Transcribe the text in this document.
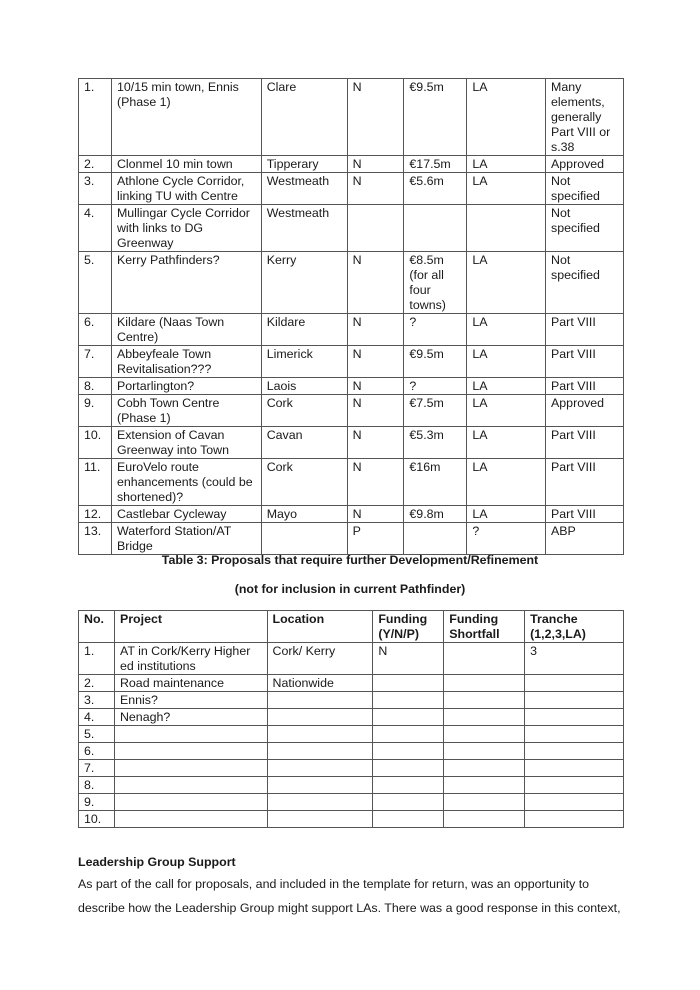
1.	10/15 min town, Ennis (Phase 1)	Clare	N	€9.5m	LA	Many elements, generally Part VIII or s.38
2.	Clonmel 10 min town	Tipperary	N	€17.5m	LA	Approved
3.	Athlone Cycle Corridor, linking TU with Centre	Westmeath	N	€5.6m	LA	Not specified
4.	Mullingar Cycle Corridor with links to DG Greenway	Westmeath				Not specified
5.	Kerry Pathfinders?	Kerry	N	€8.5m (for all four towns)	LA	Not specified
6.	Kildare (Naas Town Centre)	Kildare	N	?	LA	Part VIII
7.	Abbeyfeale Town Revitalisation???	Limerick	N	€9.5m	LA	Part VIII
8.	Portarlington?	Laois	N	?	LA	Part VIII
9.	Cobh Town Centre (Phase 1)	Cork	N	€7.5m	LA	Approved
10.	Extension of Cavan Greenway into Town	Cavan	N	€5.3m	LA	Part VIII
11.	EuroVelo route enhancements (could be shortened)?	Cork	N	€16m	LA	Part VIII
12.	Castlebar Cycleway	Mayo	N	€9.8m	LA	Part VIII
13.	Waterford Station/AT Bridge		P		?	ABP
Table 3: Proposals that require further Development/Refinement
(not for inclusion in current Pathfinder)
No.	Project	Location	Funding (Y/N/P)	Funding Shortfall	Tranche (1,2,3,LA)
1.	AT in Cork/Kerry Higher ed institutions	Cork/ Kerry	N		3
2.	Road maintenance	Nationwide			
3.	Ennis?				
4.	Nenagh?				
5.					
6.					
7.					
8.					
9.					
10.					
Leadership Group Support
As part of the call for proposals, and included in the template for return, was an opportunity to describe how the Leadership Group might support LAs. There was a good response in this context,
